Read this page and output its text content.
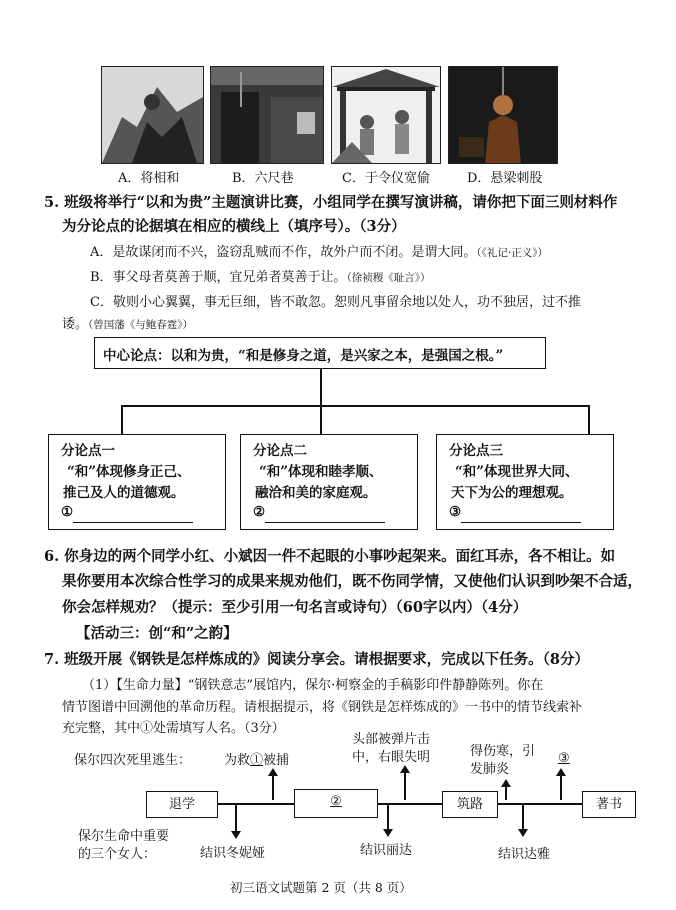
A．将相和	B．六尺巷	C．于令仪宽偷	D．悬梁刺股
5. 班级将举行“以和为贵”主题演讲比赛，小组同学在撰写演讲稿，请你把下面三则材料作
为分论点的论据填在相应的横线上（填序号）。（3分）
A．是故谋闭而不兴，盗窃乱贼而不作，故外户而不闭。是谓大同。（《礼记·正义》）
B．事父母者莫善于顺，宜兄弟者莫善于让。（徐祯稷《耻言》）
C．敬则小心翼翼，事无巨细，皆不敢忽。恕则凡事留余地以处人，功不独居，过不推
诿。（曾国藩《与鲍春霆》）
中心论点：以和为贵，“和是修身之道，是兴家之本，是强国之根。”
分论点一
“和”体现修身正己、
推己及人的道德观。
①
分论点二
“和”体现和睦孝顺、
融洽和美的家庭观。
②
分论点三
“和”体现世界大同、
天下为公的理想观。
③
6. 你身边的两个同学小红、小斌因一件不起眼的小事吵起架来。面红耳赤，各不相让。如
果你要用本次综合性学习的成果来规劝他们，既不伤同学情，又使他们认识到吵架不合适，
你会怎样规劝？（提示：至少引用一句名言或诗句）（60字以内）（4分）
【活动三：创“和”之韵】
7. 班级开展《钢铁是怎样炼成的》阅读分享会。请根据要求，完成以下任务。（8分）
（1）【生命力量】“钢铁意志”展馆内，保尔·柯察金的手稿影印件静静陈列。你在
情节图谱中回溯他的革命历程。请根据提示，将《钢铁是怎样炼成的》一书中的情节线索补
充完整，其中①处需填写人名。（3分）
保尔四次死里逃生：	为救①被捕
头部被弹片击
中，右眼失明	得伤寒，引
发肺炎
③
退学	②	筑路	著书
保尔生命中重要
的三个女人：	结识冬妮娅	结识丽达	结识达雅
初三语文试题第 2 页（共 8 页）
